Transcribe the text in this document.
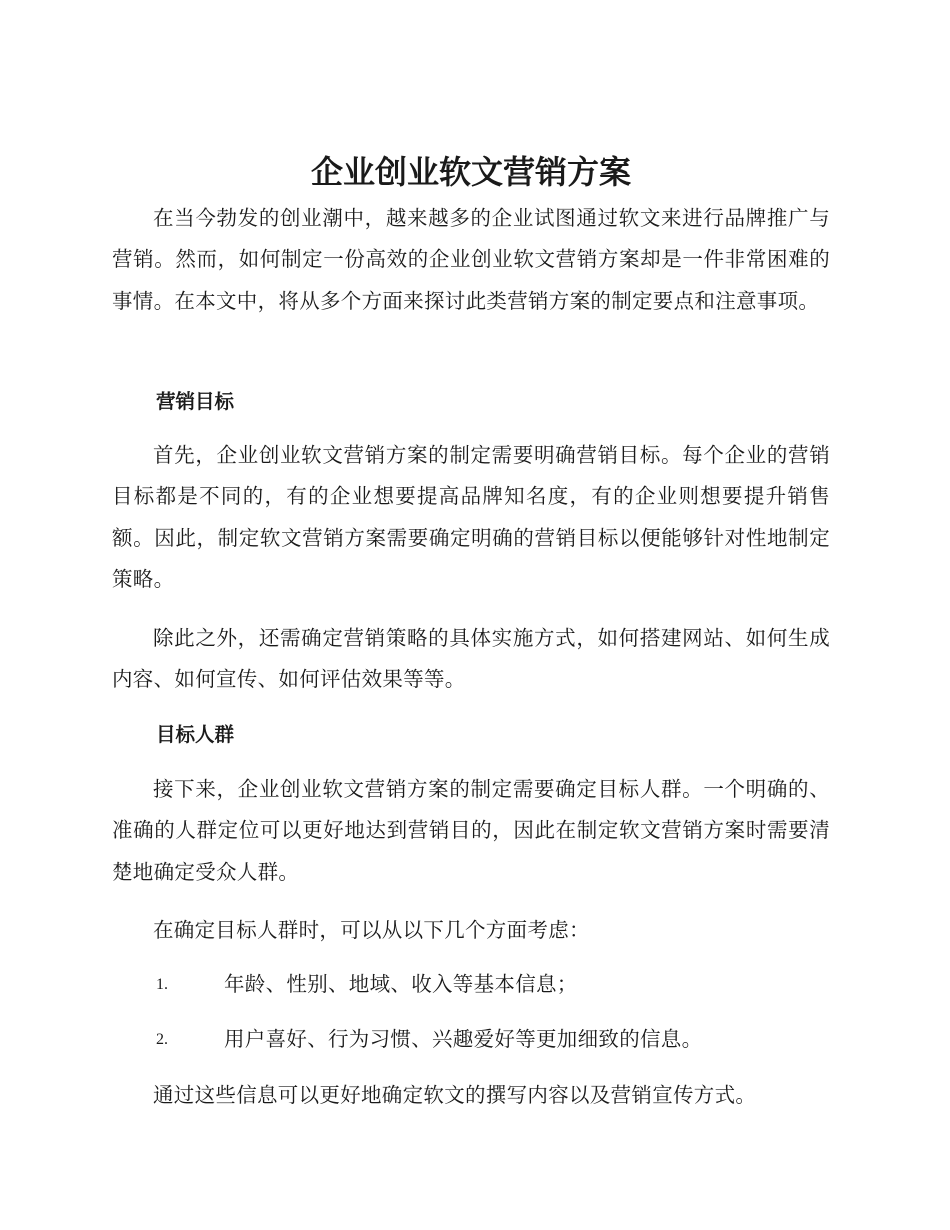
企业创业软文营销方案

在当今勃发的创业潮中，越来越多的企业试图通过软文来进行品牌推广与营销。然而，如何制定一份高效的企业创业软文营销方案却是一件非常困难的事情。在本文中，将从多个方面来探讨此类营销方案的制定要点和注意事项。

营销目标

首先，企业创业软文营销方案的制定需要明确营销目标。每个企业的营销目标都是不同的，有的企业想要提高品牌知名度，有的企业则想要提升销售额。因此，制定软文营销方案需要确定明确的营销目标以便能够针对性地制定策略。

除此之外，还需确定营销策略的具体实施方式，如何搭建网站、如何生成内容、如何宣传、如何评估效果等等。

目标人群

接下来，企业创业软文营销方案的制定需要确定目标人群。一个明确的、准确的人群定位可以更好地达到营销目的，因此在制定软文营销方案时需要清楚地确定受众人群。

在确定目标人群时，可以从以下几个方面考虑：

1.	年龄、性别、地域、收入等基本信息；
2.	用户喜好、行为习惯、兴趣爱好等更加细致的信息。

通过这些信息可以更好地确定软文的撰写内容以及营销宣传方式。
